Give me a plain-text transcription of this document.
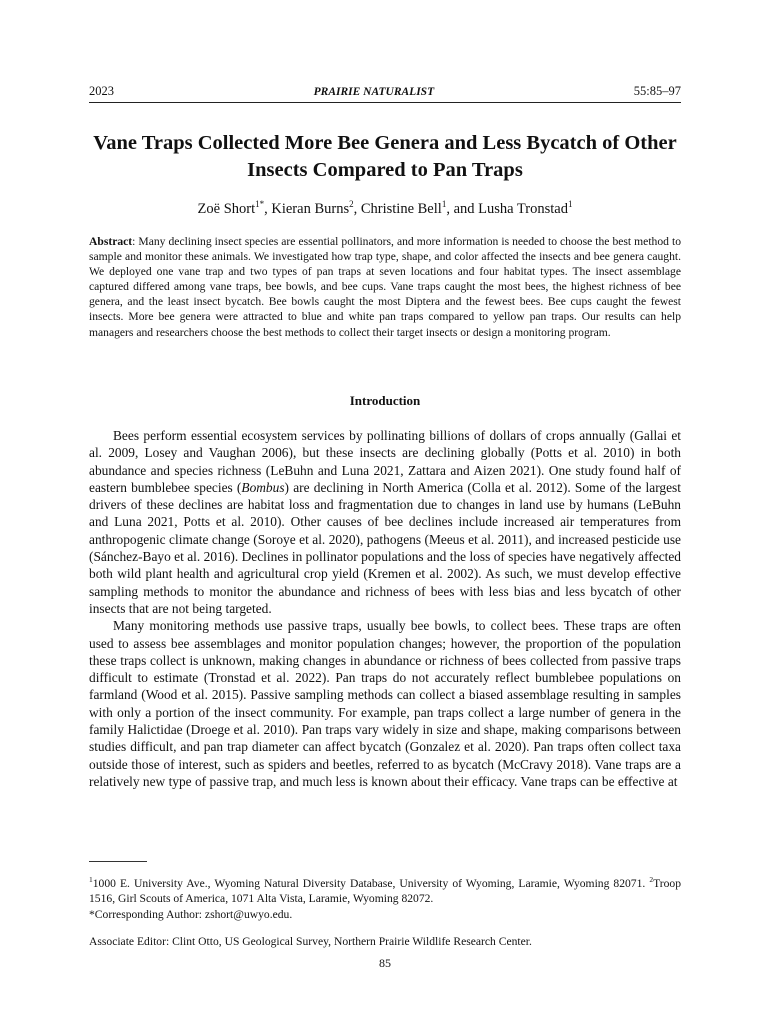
2023	PRAIRIE NATURALIST	55:85–97
Vane Traps Collected More Bee Genera and Less Bycatch of Other Insects Compared to Pan Traps
Zoë Short$^{1*}$, Kieran Burns$^2$, Christine Bell$^1$, and Lusha Tronstad$^1$
Abstract: Many declining insect species are essential pollinators, and more information is needed to choose the best method to sample and monitor these animals. We investigated how trap type, shape, and color affected the insects and bee genera caught. We deployed one vane trap and two types of pan traps at seven locations and four habitat types. The insect assemblage captured differed among vane traps, bee bowls, and bee cups. Vane traps caught the most bees, the highest richness of bee genera, and the least insect bycatch. Bee bowls caught the most Diptera and the fewest bees. Bee cups caught the fewest insects. More bee genera were attracted to blue and white pan traps compared to yellow pan traps. Our results can help managers and researchers choose the best methods to collect their target insects or design a monitoring program.
Introduction

Bees perform essential ecosystem services by pollinating billions of dollars of crops annually (Gallai et al. 2009, Losey and Vaughan 2006), but these insects are declining globally (Potts et al. 2010) in both abundance and species richness (LeBuhn and Luna 2021, Zattara and Aizen 2021). One study found half of eastern bumblebee species (Bombus) are declining in North America (Colla et al. 2012). Some of the largest drivers of these declines are habitat loss and fragmentation due to changes in land use by humans (LeBuhn and Luna 2021, Potts et al. 2010). Other causes of bee declines include increased air temperatures from anthropogenic climate change (Soroye et al. 2020), pathogens (Meeus et al. 2011), and increased pesticide use (Sánchez-Bayo et al. 2016). Declines in pollinator populations and the loss of species have negatively affected both wild plant health and agricultural crop yield (Kremen et al. 2002). As such, we must develop effective sampling methods to monitor the abundance and richness of bees with less bias and less bycatch of other insects that are not being targeted.

Many monitoring methods use passive traps, usually bee bowls, to collect bees. These traps are often used to assess bee assemblages and monitor population changes; however, the proportion of the population these traps collect is unknown, making changes in abundance or richness of bees collected from passive traps difficult to estimate (Tronstad et al. 2022). Pan traps do not accurately reflect bumblebee populations on farmland (Wood et al. 2015). Passive sampling methods can collect a biased assemblage resulting in samples with only a portion of the insect community. For example, pan traps collect a large number of genera in the family Halictidae (Droege et al. 2010). Pan traps vary widely in size and shape, making comparisons between studies difficult, and pan trap diameter can affect bycatch (Gonzalez et al. 2020). Pan traps often collect taxa outside those of interest, such as spiders and beetles, referred to as bycatch (McCravy 2018). Vane traps are a relatively new type of passive trap, and much less is known about their efficacy. Vane traps can be effective at

$^1$1000 E. University Ave., Wyoming Natural Diversity Database, University of Wyoming, Laramie, Wyoming 82071. $^2$Troop 1516, Girl Scouts of America, 1071 Alta Vista, Laramie, Wyoming 82072.
*Corresponding Author: zshort@uwyo.edu.
Associate Editor: Clint Otto, US Geological Survey, Northern Prairie Wildlife Research Center.
85
